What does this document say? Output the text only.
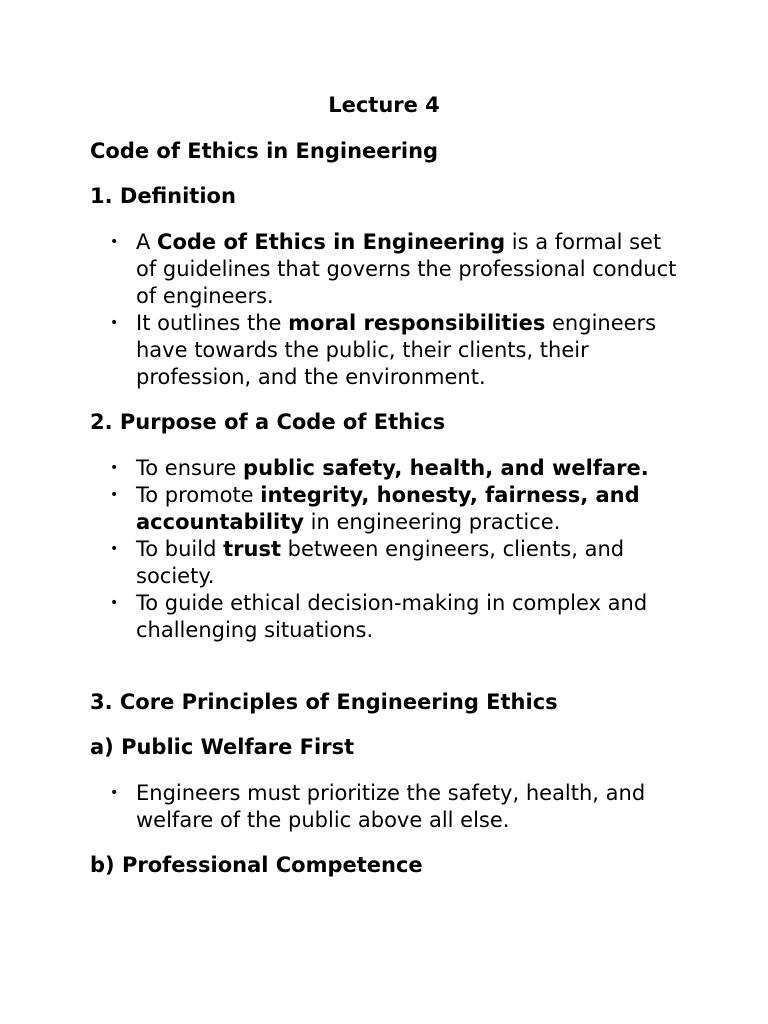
Lecture 4
Code of Ethics in Engineering
1. Definition
• A Code of Ethics in Engineering is a formal set of guidelines that governs the professional conduct of engineers.
• It outlines the moral responsibilities engineers have towards the public, their clients, their profession, and the environment.
2. Purpose of a Code of Ethics
• To ensure public safety, health, and welfare.
• To promote integrity, honesty, fairness, and accountability in engineering practice.
• To build trust between engineers, clients, and society.
• To guide ethical decision-making in complex and challenging situations.
3. Core Principles of Engineering Ethics
a) Public Welfare First
• Engineers must prioritize the safety, health, and welfare of the public above all else.
b) Professional Competence
